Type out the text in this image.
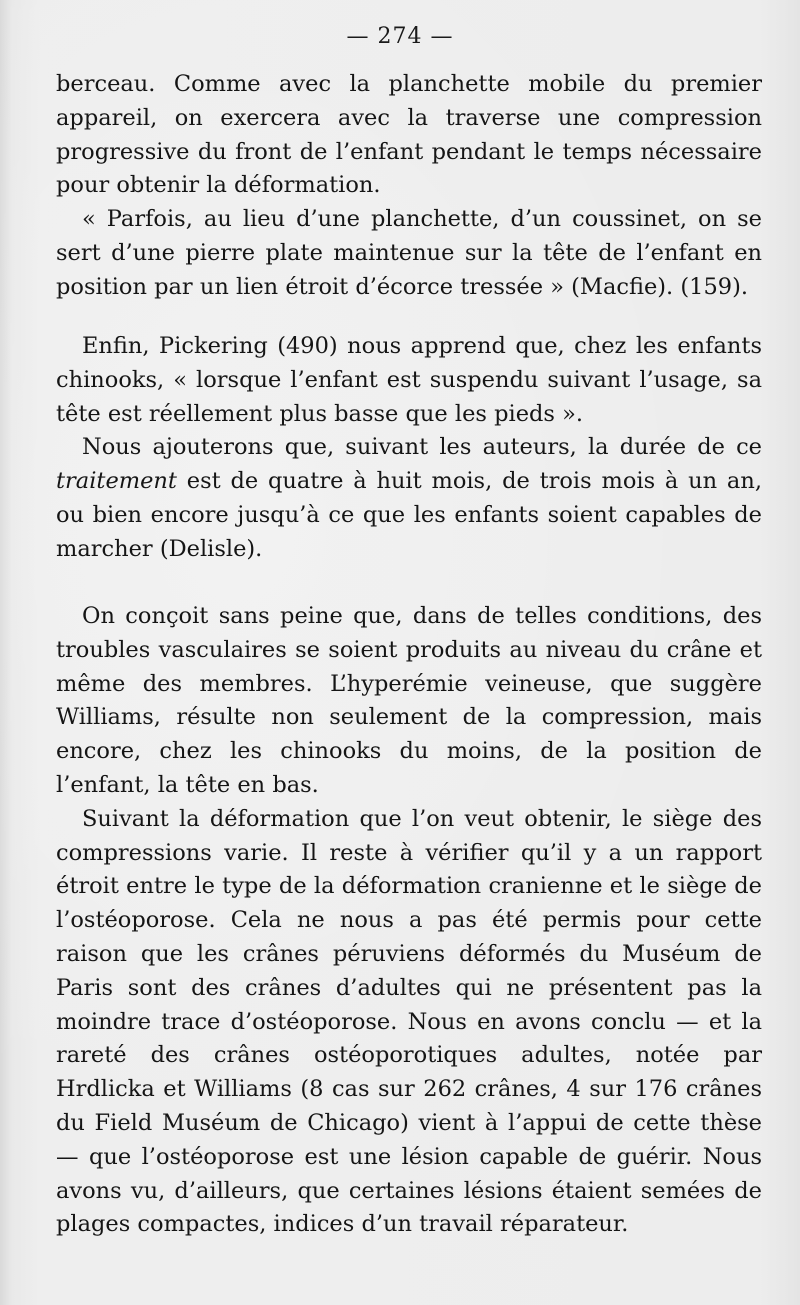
— 274 —

berceau. Comme avec la planchette mobile du premier appareil, on exercera avec la traverse une compression progressive du front de l’enfant pendant le temps nécessaire pour obtenir la déformation.

« Parfois, au lieu d’une planchette, d’un coussinet, on se sert d’une pierre plate maintenue sur la tête de l’enfant en position par un lien étroit d’écorce tressée » (Macfie). (159).

Enfin, Pickering (490) nous apprend que, chez les enfants chinooks, « lorsque l’enfant est suspendu suivant l’usage, sa tête est réellement plus basse que les pieds ».

Nous ajouterons que, suivant les auteurs, la durée de ce traitement est de quatre à huit mois, de trois mois à un an, ou bien encore jusqu’à ce que les enfants soient capables de marcher (Delisle).

On conçoit sans peine que, dans de telles conditions, des troubles vasculaires se soient produits au niveau du crâne et même des membres. L’hyperémie veineuse, que suggère Williams, résulte non seulement de la compression, mais encore, chez les chinooks du moins, de la position de l’enfant, la tête en bas.

Suivant la déformation que l’on veut obtenir, le siège des compressions varie. Il reste à vérifier qu’il y a un rapport étroit entre le type de la déformation cranienne et le siège de l’ostéoporose. Cela ne nous a pas été permis pour cette raison que les crânes péruviens déformés du Muséum de Paris sont des crânes d’adultes qui ne présentent pas la moindre trace d’ostéoporose. Nous en avons conclu — et la rareté des crânes ostéoporotiques adultes, notée par Hrdlicka et Williams (8 cas sur 262 crânes, 4 sur 176 crânes du Field Muséum de Chicago) vient à l’appui de cette thèse — que l’ostéoporose est une lésion capable de guérir. Nous avons vu, d’ailleurs, que certaines lésions étaient semées de plages compactes, indices d’un travail réparateur.
